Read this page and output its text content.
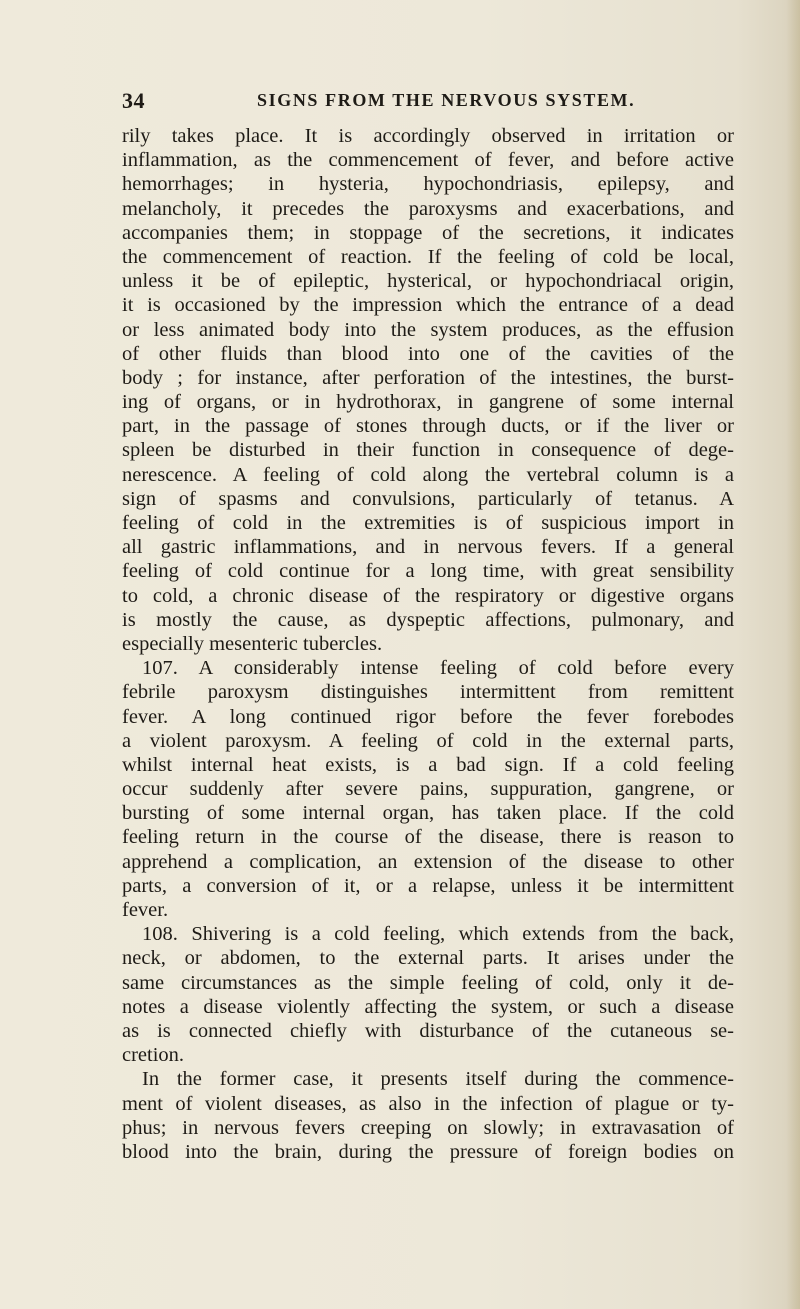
34	SIGNS FROM THE NERVOUS SYSTEM.
rily takes place. It is accordingly observed in irritation or
inflammation, as the commencement of fever, and before active
hemorrhages; in hysteria, hypochondriasis, epilepsy, and
melancholy, it precedes the paroxysms and exacerbations, and
accompanies them; in stoppage of the secretions, it indicates
the commencement of reaction. If the feeling of cold be local,
unless it be of epileptic, hysterical, or hypochondriacal origin,
it is occasioned by the impression which the entrance of a dead
or less animated body into the system produces, as the effusion
of other fluids than blood into one of the cavities of the
body ; for instance, after perforation of the intestines, the burst-
ing of organs, or in hydrothorax, in gangrene of some internal
part, in the passage of stones through ducts, or if the liver or
spleen be disturbed in their function in consequence of dege-
nerescence. A feeling of cold along the vertebral column is a
sign of spasms and convulsions, particularly of tetanus. A
feeling of cold in the extremities is of suspicious import in
all gastric inflammations, and in nervous fevers. If a general
feeling of cold continue for a long time, with great sensibility
to cold, a chronic disease of the respiratory or digestive organs
is mostly the cause, as dyspeptic affections, pulmonary, and
especially mesenteric tubercles.
107. A considerably intense feeling of cold before every
febrile paroxysm distinguishes intermittent from remittent
fever. A long continued rigor before the fever forebodes
a violent paroxysm. A feeling of cold in the external parts,
whilst internal heat exists, is a bad sign. If a cold feeling
occur suddenly after severe pains, suppuration, gangrene, or
bursting of some internal organ, has taken place. If the cold
feeling return in the course of the disease, there is reason to
apprehend a complication, an extension of the disease to other
parts, a conversion of it, or a relapse, unless it be intermittent
fever.
108. Shivering is a cold feeling, which extends from the back,
neck, or abdomen, to the external parts. It arises under the
same circumstances as the simple feeling of cold, only it de-
notes a disease violently affecting the system, or such a disease
as is connected chiefly with disturbance of the cutaneous se-
cretion.
In the former case, it presents itself during the commence-
ment of violent diseases, as also in the infection of plague or ty-
phus; in nervous fevers creeping on slowly; in extravasation of
blood into the brain, during the pressure of foreign bodies on
